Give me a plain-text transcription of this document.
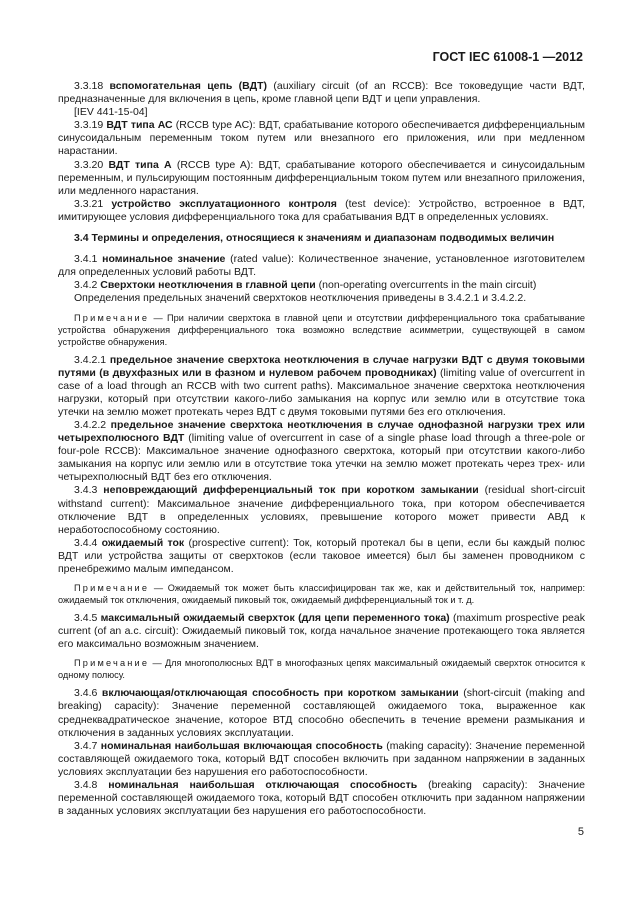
ГОСТ IEC 61008-1 —2012

3.3.18 вспомогательная цепь (ВДТ) (auxiliary circuit (of an RCCB): Все токоведущие части ВДТ, предназначенные для включения в цепь, кроме главной цепи ВДТ и цепи управления.

[IEV 441-15-04]

3.3.19 ВДТ типа АС (RCCB type AC): ВДТ, срабатывание которого обеспечивается дифференциальным синусоидальным переменным током путем или внезапного его приложения, или при медленном нарастании.

3.3.20 ВДТ типа А (RCCB type A): ВДТ, срабатывание которого обеспечивается и синусоидальным переменным, и пульсирующим постоянным дифференциальным током путем или внезапного приложения, или медленного нарастания.

3.3.21 устройство эксплуатационного контроля (test device): Устройство, встроенное в ВДТ, имитирующее условия дифференциального тока для срабатывания ВДТ в определенных условиях.

3.4 Термины и определения, относящиеся к значениям и диапазонам подводимых величин

3.4.1 номинальное значение (rated value): Количественное значение, установленное изготовителем для определенных условий работы ВДТ.

3.4.2 Сверхтоки неотключения в главной цепи (non-operating overcurrents in the main circuit)

Определения предельных значений сверхтоков неотключения приведены в 3.4.2.1 и 3.4.2.2.

Примечание — При наличии сверхтока в главной цепи и отсутствии дифференциального тока срабатывание устройства обнаружения дифференциального тока возможно вследствие асимметрии, существующей в самом устройстве обнаружения.

3.4.2.1 предельное значение сверхтока неотключения в случае нагрузки ВДТ с двумя токовыми путями (в двухфазных или в фазном и нулевом рабочем проводниках) (limiting value of overcurrent in case of a load through an RCCB with two current paths). Максимальное значение сверхтока неотключения нагрузки, который при отсутствии какого-либо замыкания на корпус или землю или в отсутствие тока утечки на землю может протекать через ВДТ с двумя токовыми путями без его отключения.

3.4.2.2 предельное значение сверхтока неотключения в случае однофазной нагрузки трех или четырехполюсного ВДТ (limiting value of overcurrent in case of a single phase load through a three-pole or four-pole RCCB): Максимальное значение однофазного сверхтока, который при отсутствии какого-либо замыкания на корпус или землю или в отсутствие тока утечки на землю может протекать через трех- или четырехполюсный ВДТ без его отключения.

3.4.3 неповреждающий дифференциальный ток при коротком замыкании (residual short-circuit withstand current): Максимальное значение дифференциального тока, при котором обеспечивается отключение ВДТ в определенных условиях, превышение которого может привести АВД к неработоспособному состоянию.

3.4.4 ожидаемый ток (prospective current): Ток, который протекал бы в цепи, если бы каждый полюс ВДТ или устройства защиты от сверхтоков (если таковое имеется) был бы заменен проводником с пренебрежимо малым импедансом.

Примечание — Ожидаемый ток может быть классифицирован так же, как и действительный ток, например: ожидаемый ток отключения, ожидаемый пиковый ток, ожидаемый дифференциальный ток и т. д.

3.4.5 максимальный ожидаемый сверхток (для цепи переменного тока) (maximum prospective peak current (of an a.c. circuit): Ожидаемый пиковый ток, когда начальное значение протекающего тока является его максимально возможным значением.

Примечание — Для многополюсных ВДТ в многофазных цепях максимальный ожидаемый сверхток относится к одному полюсу.

3.4.6 включающая/отключающая способность при коротком замыкании (short-circuit (making and breaking) capacity): Значение переменной составляющей ожидаемого тока, выраженное как среднеквадратическое значение, которое ВТД способно обеспечить в течение времени размыкания и отключения в заданных условиях эксплуатации.

3.4.7 номинальная наибольшая включающая способность (making capacity): Значение переменной составляющей ожидаемого тока, который ВДТ способен включить при заданном напряжении в заданных условиях эксплуатации без нарушения его работоспособности.

3.4.8 номинальная наибольшая отключающая способность (breaking capacity): Значение переменной составляющей ожидаемого тока, который ВДТ способен отключить при заданном напряжении в заданных условиях эксплуатации без нарушения его работоспособности.

5
